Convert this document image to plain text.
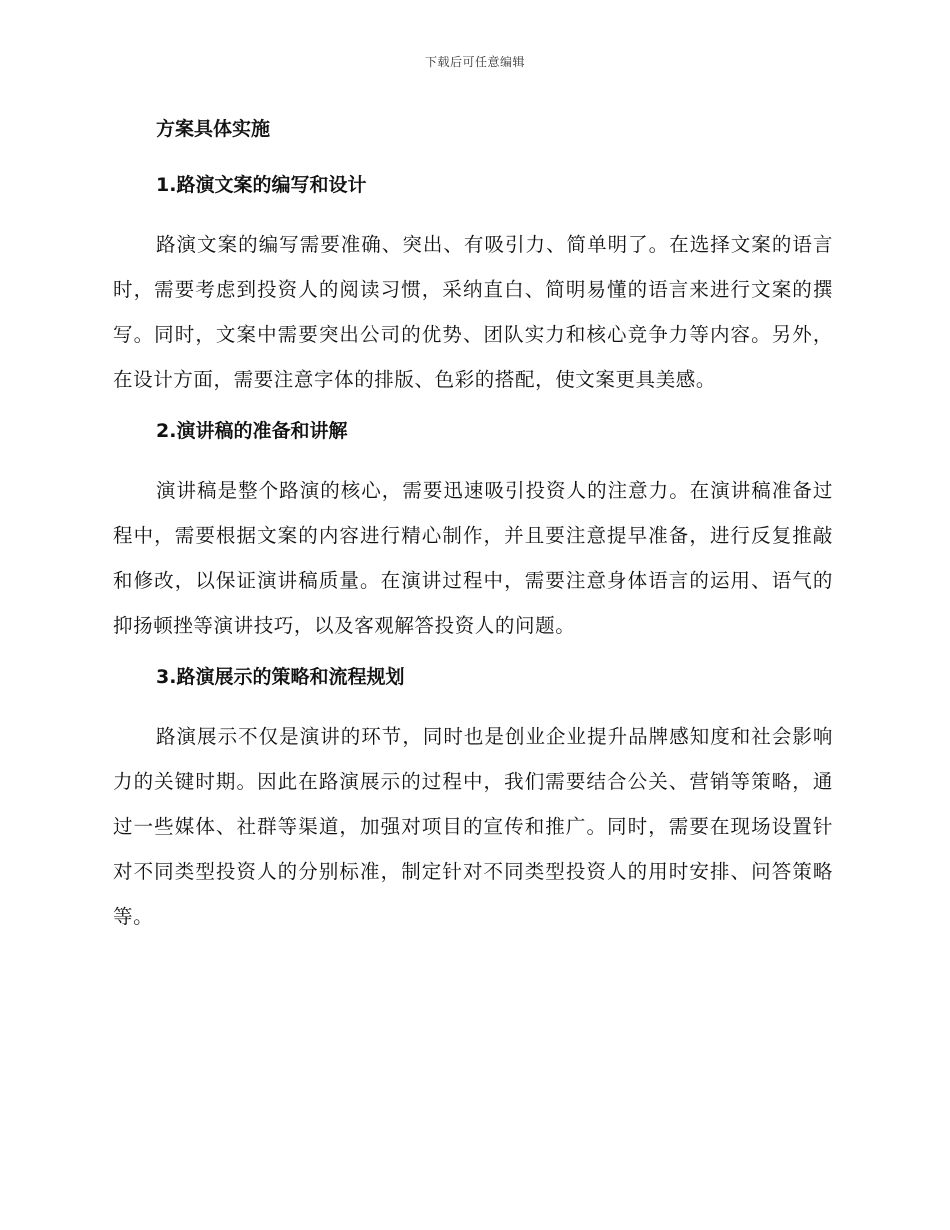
下载后可任意编辑
方案具体实施
1.路演文案的编写和设计

路演文案的编写需要准确、突出、有吸引力、简单明了。在选择文案的语言时，需要考虑到投资人的阅读习惯，采纳直白、简明易懂的语言来进行文案的撰写。同时，文案中需要突出公司的优势、团队实力和核心竞争力等内容。另外，在设计方面，需要注意字体的排版、色彩的搭配，使文案更具美感。

2.演讲稿的准备和讲解

演讲稿是整个路演的核心，需要迅速吸引投资人的注意力。在演讲稿准备过程中，需要根据文案的内容进行精心制作，并且要注意提早准备，进行反复推敲和修改，以保证演讲稿质量。在演讲过程中，需要注意身体语言的运用、语气的抑扬顿挫等演讲技巧，以及客观解答投资人的问题。

3.路演展示的策略和流程规划

路演展示不仅是演讲的环节，同时也是创业企业提升品牌感知度和社会影响力的关键时期。因此在路演展示的过程中，我们需要结合公关、营销等策略，通过一些媒体、社群等渠道，加强对项目的宣传和推广。同时，需要在现场设置针对不同类型投资人的分别标准，制定针对不同类型投资人的用时安排、问答策略等。
